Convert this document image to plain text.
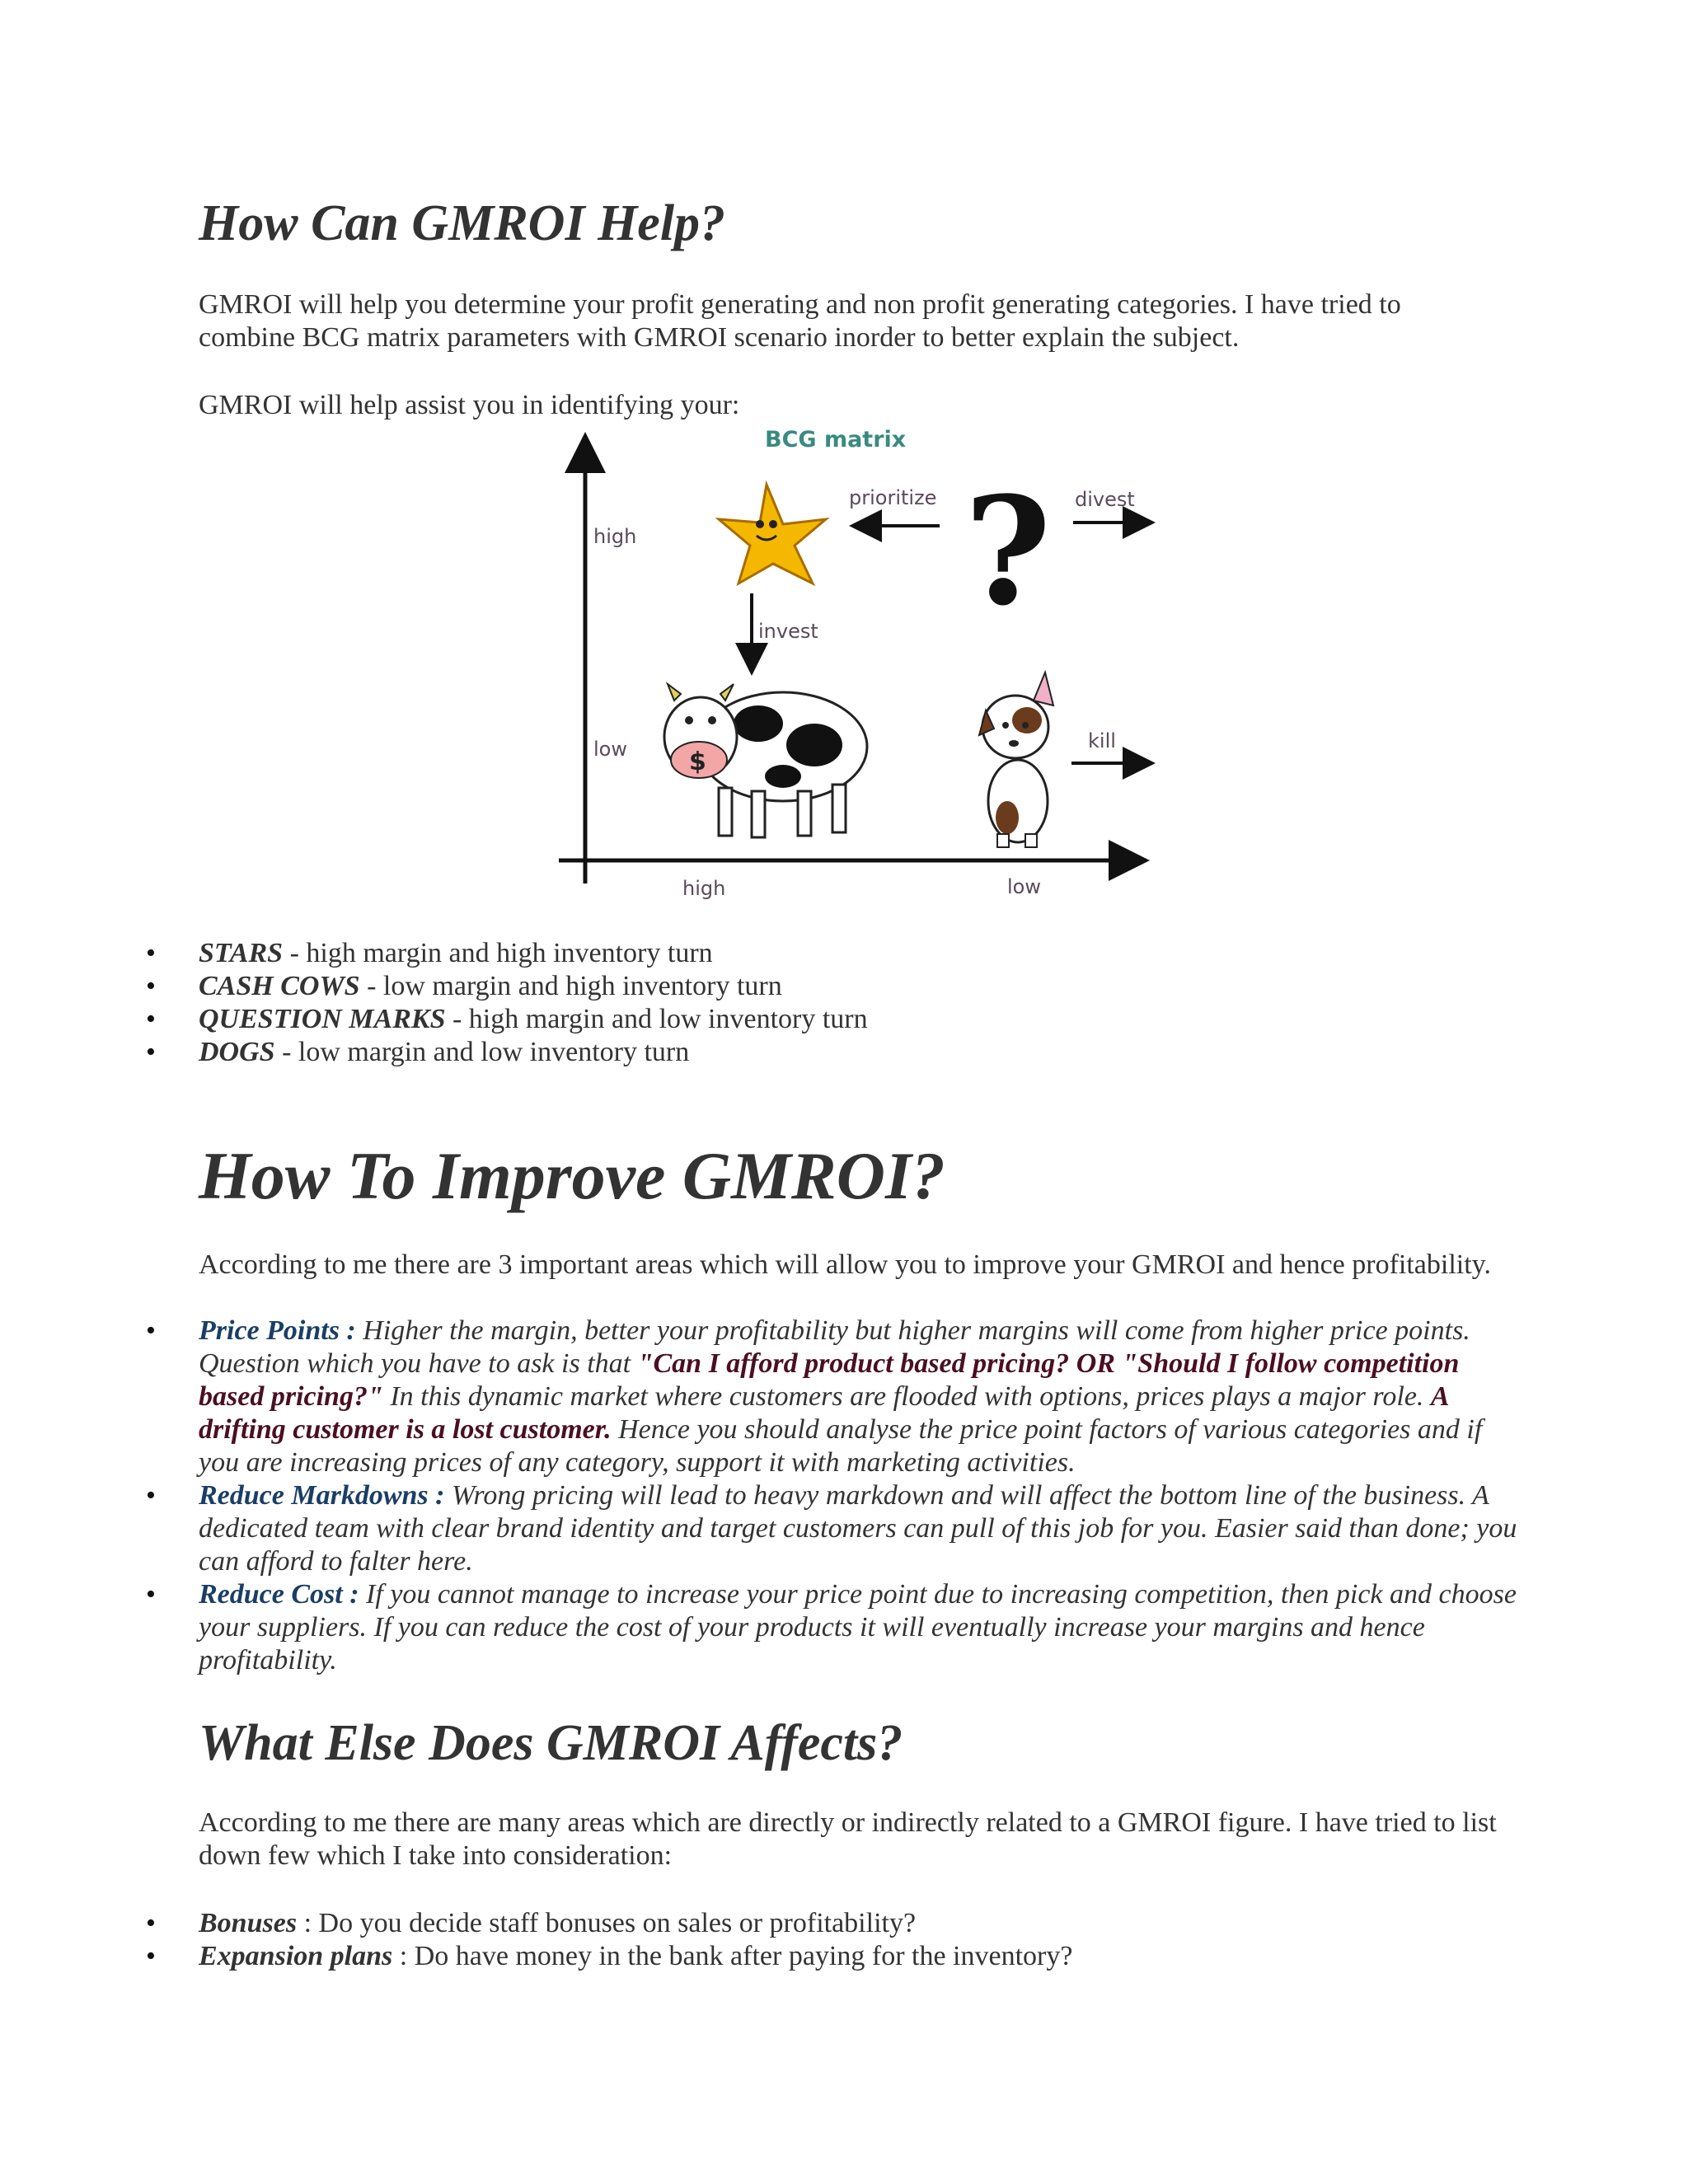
How Can GMROI Help?

GMROI will help you determine your profit generating and non profit generating categories. I have tried to combine BCG matrix parameters with GMROI scenario inorder to better explain the subject.

GMROI will help assist you in identifying your:

BCG matrix
high
low
high	low
prioritize ? divest
invest
$
kill
• STARS - high margin and high inventory turn
• CASH COWS - low margin and high inventory turn
• QUESTION MARKS - high margin and low inventory turn
• DOGS - low margin and low inventory turn
How To Improve GMROI?

According to me there are 3 important areas which will allow you to improve your GMROI and hence profitability.

• Price Points : Higher the margin, better your profitability but higher margins will come from higher price points. Question which you have to ask is that "Can I afford product based pricing? OR "Should I follow competition based pricing?" In this dynamic market where customers are flooded with options, prices plays a major role. A drifting customer is a lost customer. Hence you should analyse the price point factors of various categories and if you are increasing prices of any category, support it with marketing activities.
• Reduce Markdowns : Wrong pricing will lead to heavy markdown and will affect the bottom line of the business. A dedicated team with clear brand identity and target customers can pull of this job for you. Easier said than done; you can afford to falter here.
• Reduce Cost : If you cannot manage to increase your price point due to increasing competition, then pick and choose your suppliers. If you can reduce the cost of your products it will eventually increase your margins and hence profitability.
What Else Does GMROI Affects?

According to me there are many areas which are directly or indirectly related to a GMROI figure. I have tried to list down few which I take into consideration:

• Bonuses : Do you decide staff bonuses on sales or profitability?
• Expansion plans : Do have money in the bank after paying for the inventory?
